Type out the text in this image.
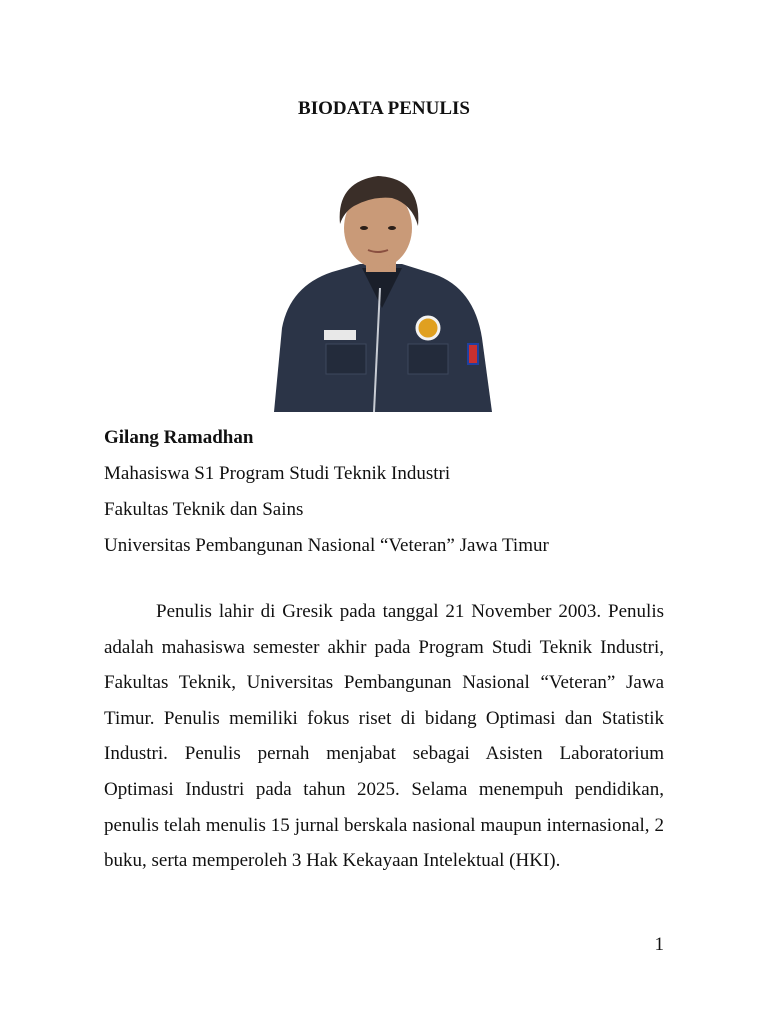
BIODATA PENULIS
Gilang Ramadhan
Mahasiswa S1 Program Studi Teknik Industri
Fakultas Teknik dan Sains
Universitas Pembangunan Nasional “Veteran” Jawa Timur

Penulis lahir di Gresik pada tanggal 21 November 2003. Penulis adalah mahasiswa semester akhir pada Program Studi Teknik Industri, Fakultas Teknik, Universitas Pembangunan Nasional “Veteran” Jawa Timur. Penulis memiliki fokus riset di bidang Optimasi dan Statistik Industri. Penulis pernah menjabat sebagai Asisten Laboratorium Optimasi Industri pada tahun 2025. Selama menempuh pendidikan, penulis telah menulis 15 jurnal berskala nasional maupun internasional, 2 buku, serta memperoleh 3 Hak Kekayaan Intelektual (HKI).

1
